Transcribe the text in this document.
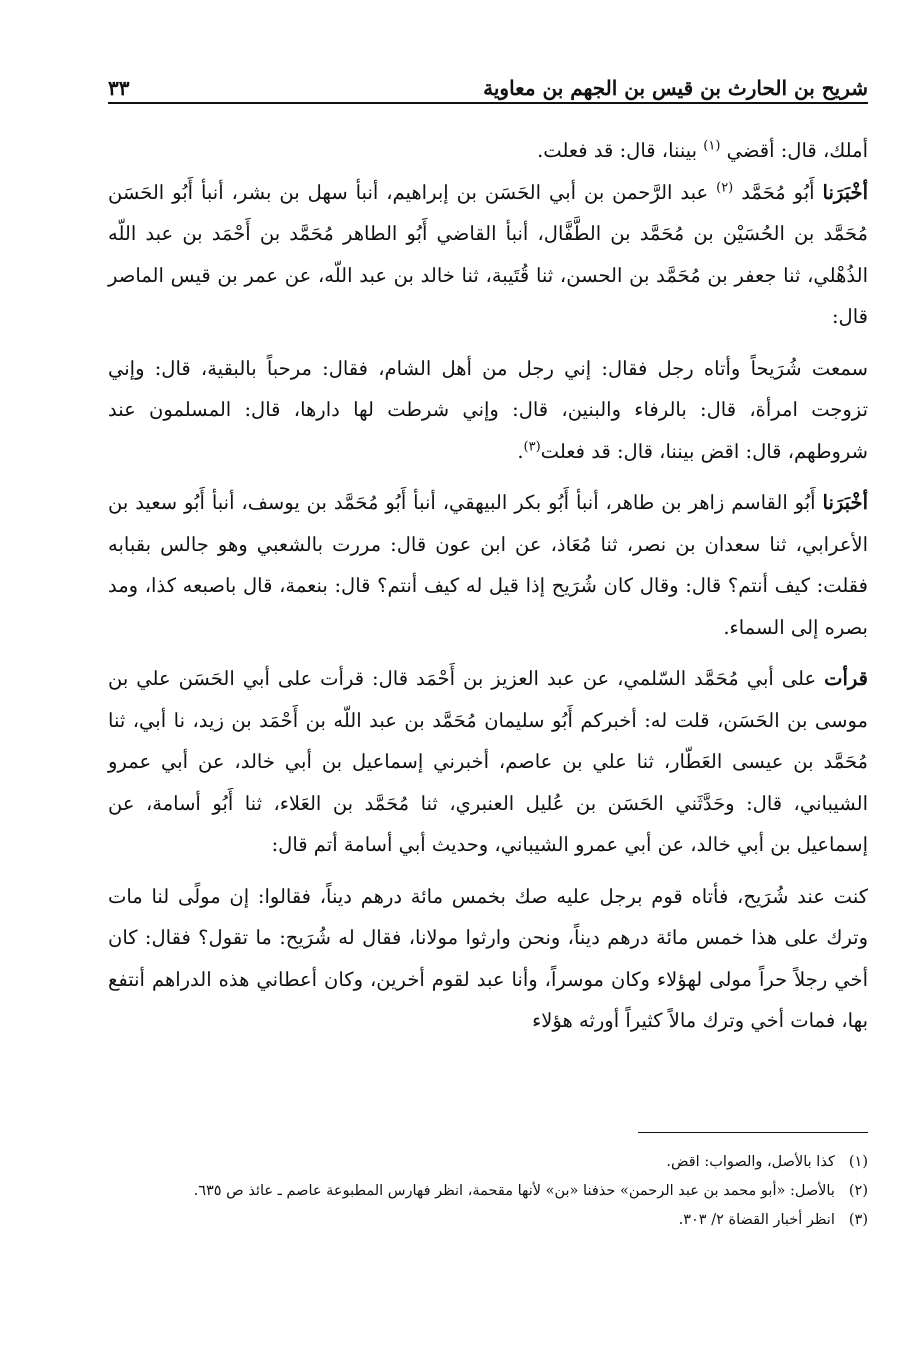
شريح بن الحارث بن قيس بن الجهم بن معاوية
٣٣

أملك، قال: أقضي $^{(١)}$ بيننا، قال: قد فعلت.

أخْبَرَنا أَبُو مُحَمَّد $^{(٢)}$ عبد الرَّحمن بن أبي الحَسَن بن إبراهيم، أنبأ سهل بن بشر، أنبأ أَبُو الحَسَن مُحَمَّد بن الحُسَيْن بن مُحَمَّد بن الطَّفَّال، أنبأ القاضي أَبُو الطاهر مُحَمَّد بن أَحْمَد بن عبد اللّه الذُهْلي، ثنا جعفر بن مُحَمَّد بن الحسن، ثنا قُتَيبة، ثنا خالد بن عبد اللّه، عن عمر بن قيس الماصر قال:

سمعت شُرَيحاً وأتاه رجل فقال: إني رجل من أهل الشام، فقال: مرحباً بالبقية، قال: وإني تزوجت امرأة، قال: بالرفاء والبنين، قال: وإني شرطت لها دارها، قال: المسلمون عند شروطهم، قال: اقض بيننا، قال: قد فعلت$^{(٣)}$.

أخْبَرَنا أَبُو القاسم زاهر بن طاهر، أنبأ أَبُو بكر البيهقي، أنبأ أَبُو مُحَمَّد بن يوسف، أنبأ أَبُو سعيد بن الأعرابي، ثنا سعدان بن نصر، ثنا مُعَاذ، عن ابن عون قال: مررت بالشعبي وهو جالس بقبابه فقلت: كيف أنتم؟ قال: وقال كان شُرَيح إذا قيل له كيف أنتم؟ قال: بنعمة، قال باصبعه كذا، ومد بصره إلى السماء.

قرأت على أبي مُحَمَّد السّلمي، عن عبد العزيز بن أَحْمَد قال: قرأت على أبي الحَسَن علي بن موسى بن الحَسَن، قلت له: أخبركم أَبُو سليمان مُحَمَّد بن عبد اللّه بن أَحْمَد بن زيد، نا أبي، ثنا مُحَمَّد بن عيسى العَطّار، ثنا علي بن عاصم، أخبرني إسماعيل بن أبي خالد، عن أبي عمرو الشيباني، قال: وحَدَّثَني الحَسَن بن عُليل العنبري، ثنا مُحَمَّد بن العَلاء، ثنا أَبُو أسامة، عن إسماعيل بن أبي خالد، عن أبي عمرو الشيباني، وحديث أبي أسامة أتم قال:

كنت عند شُرَيح، فأتاه قوم برجل عليه صك بخمس مائة درهم ديناً، فقالوا: إن مولًى لنا مات وترك على هذا خمس مائة درهم ديناً، ونحن وارثوا مولانا، فقال له شُرَيح: ما تقول؟ فقال: كان أخي رجلاً حراً مولى لهؤلاء وكان موسراً، وأنا عبد لقوم أخرين، وكان أعطاني هذه الدراهم أنتفع بها، فمات أخي وترك مالاً كثيراً أورثه هؤلاء

(١)
كذا بالأصل، والصواب: اقض.
(٢)
بالأصل: «أبو محمد بن عبد الرحمن» حذفنا «بن» لأنها مقحمة، انظر فهارس المطبوعة عاصم ـ عائذ ص ٦٣٥.
(٣)
انظر أخبار القضاة ٢/ ٣٠٣.
